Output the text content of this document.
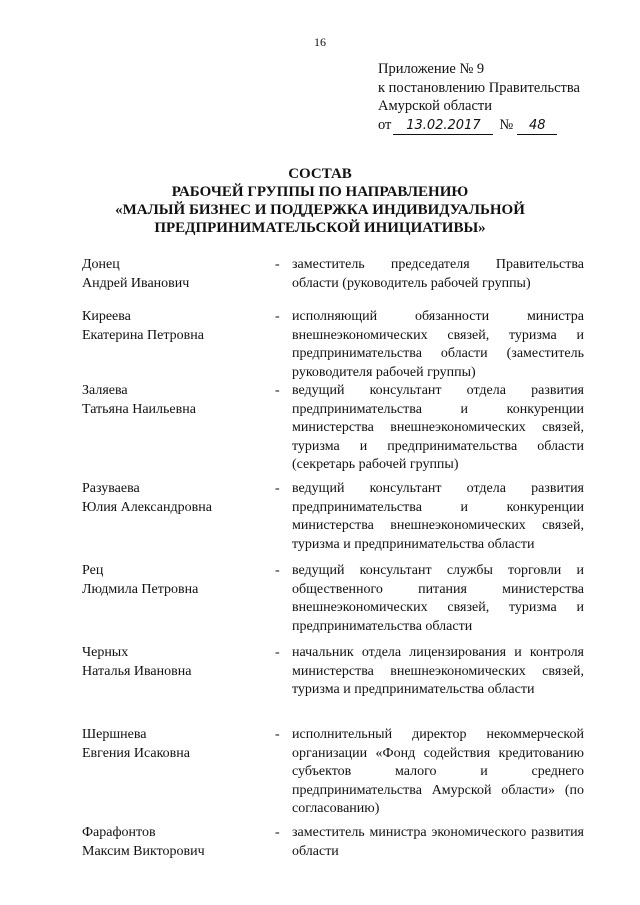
16
Приложение № 9
к постановлению Правительства
Амурской области
от	13.02.2017	№	48
СОСТАВ
РАБОЧЕЙ ГРУППЫ ПО НАПРАВЛЕНИЮ
«МАЛЫЙ БИЗНЕС И ПОДДЕРЖКА ИНДИВИДУАЛЬНОЙ
ПРЕДПРИНИМАТЕЛЬСКОЙ ИНИЦИАТИВЫ»
Донец
Андрей Иванович
- заместитель председателя Правительства области (руководитель рабочей группы)
Киреева
Екатерина Петровна
- исполняющий обязанности министра внешнеэкономических связей, туризма и предпринимательства области (заместитель руководителя рабочей группы)
Заляева
Татьяна Наильевна
- ведущий консультант отдела развития предпринимательства и конкуренции министерства внешнеэкономических связей, туризма и предпринимательства области (секретарь рабочей группы)
Разуваева
Юлия Александровна
- ведущий консультант отдела развития предпринимательства и конкуренции министерства внешнеэкономических связей, туризма и предпринимательства области
Рец
Людмила Петровна
- ведущий консультант службы торговли и общественного питания министерства внешнеэкономических связей, туризма и предпринимательства области
Черных
Наталья Ивановна
- начальник отдела лицензирования и контроля министерства внешнеэкономических связей, туризма и предпринимательства области
Шершнева
Евгения Исаковна
- исполнительный директор некоммерческой организации «Фонд содействия кредитованию субъектов малого и среднего предпринимательства Амурской области» (по согласованию)
Фарафонтов
Максим Викторович
- заместитель министра экономического развития области
